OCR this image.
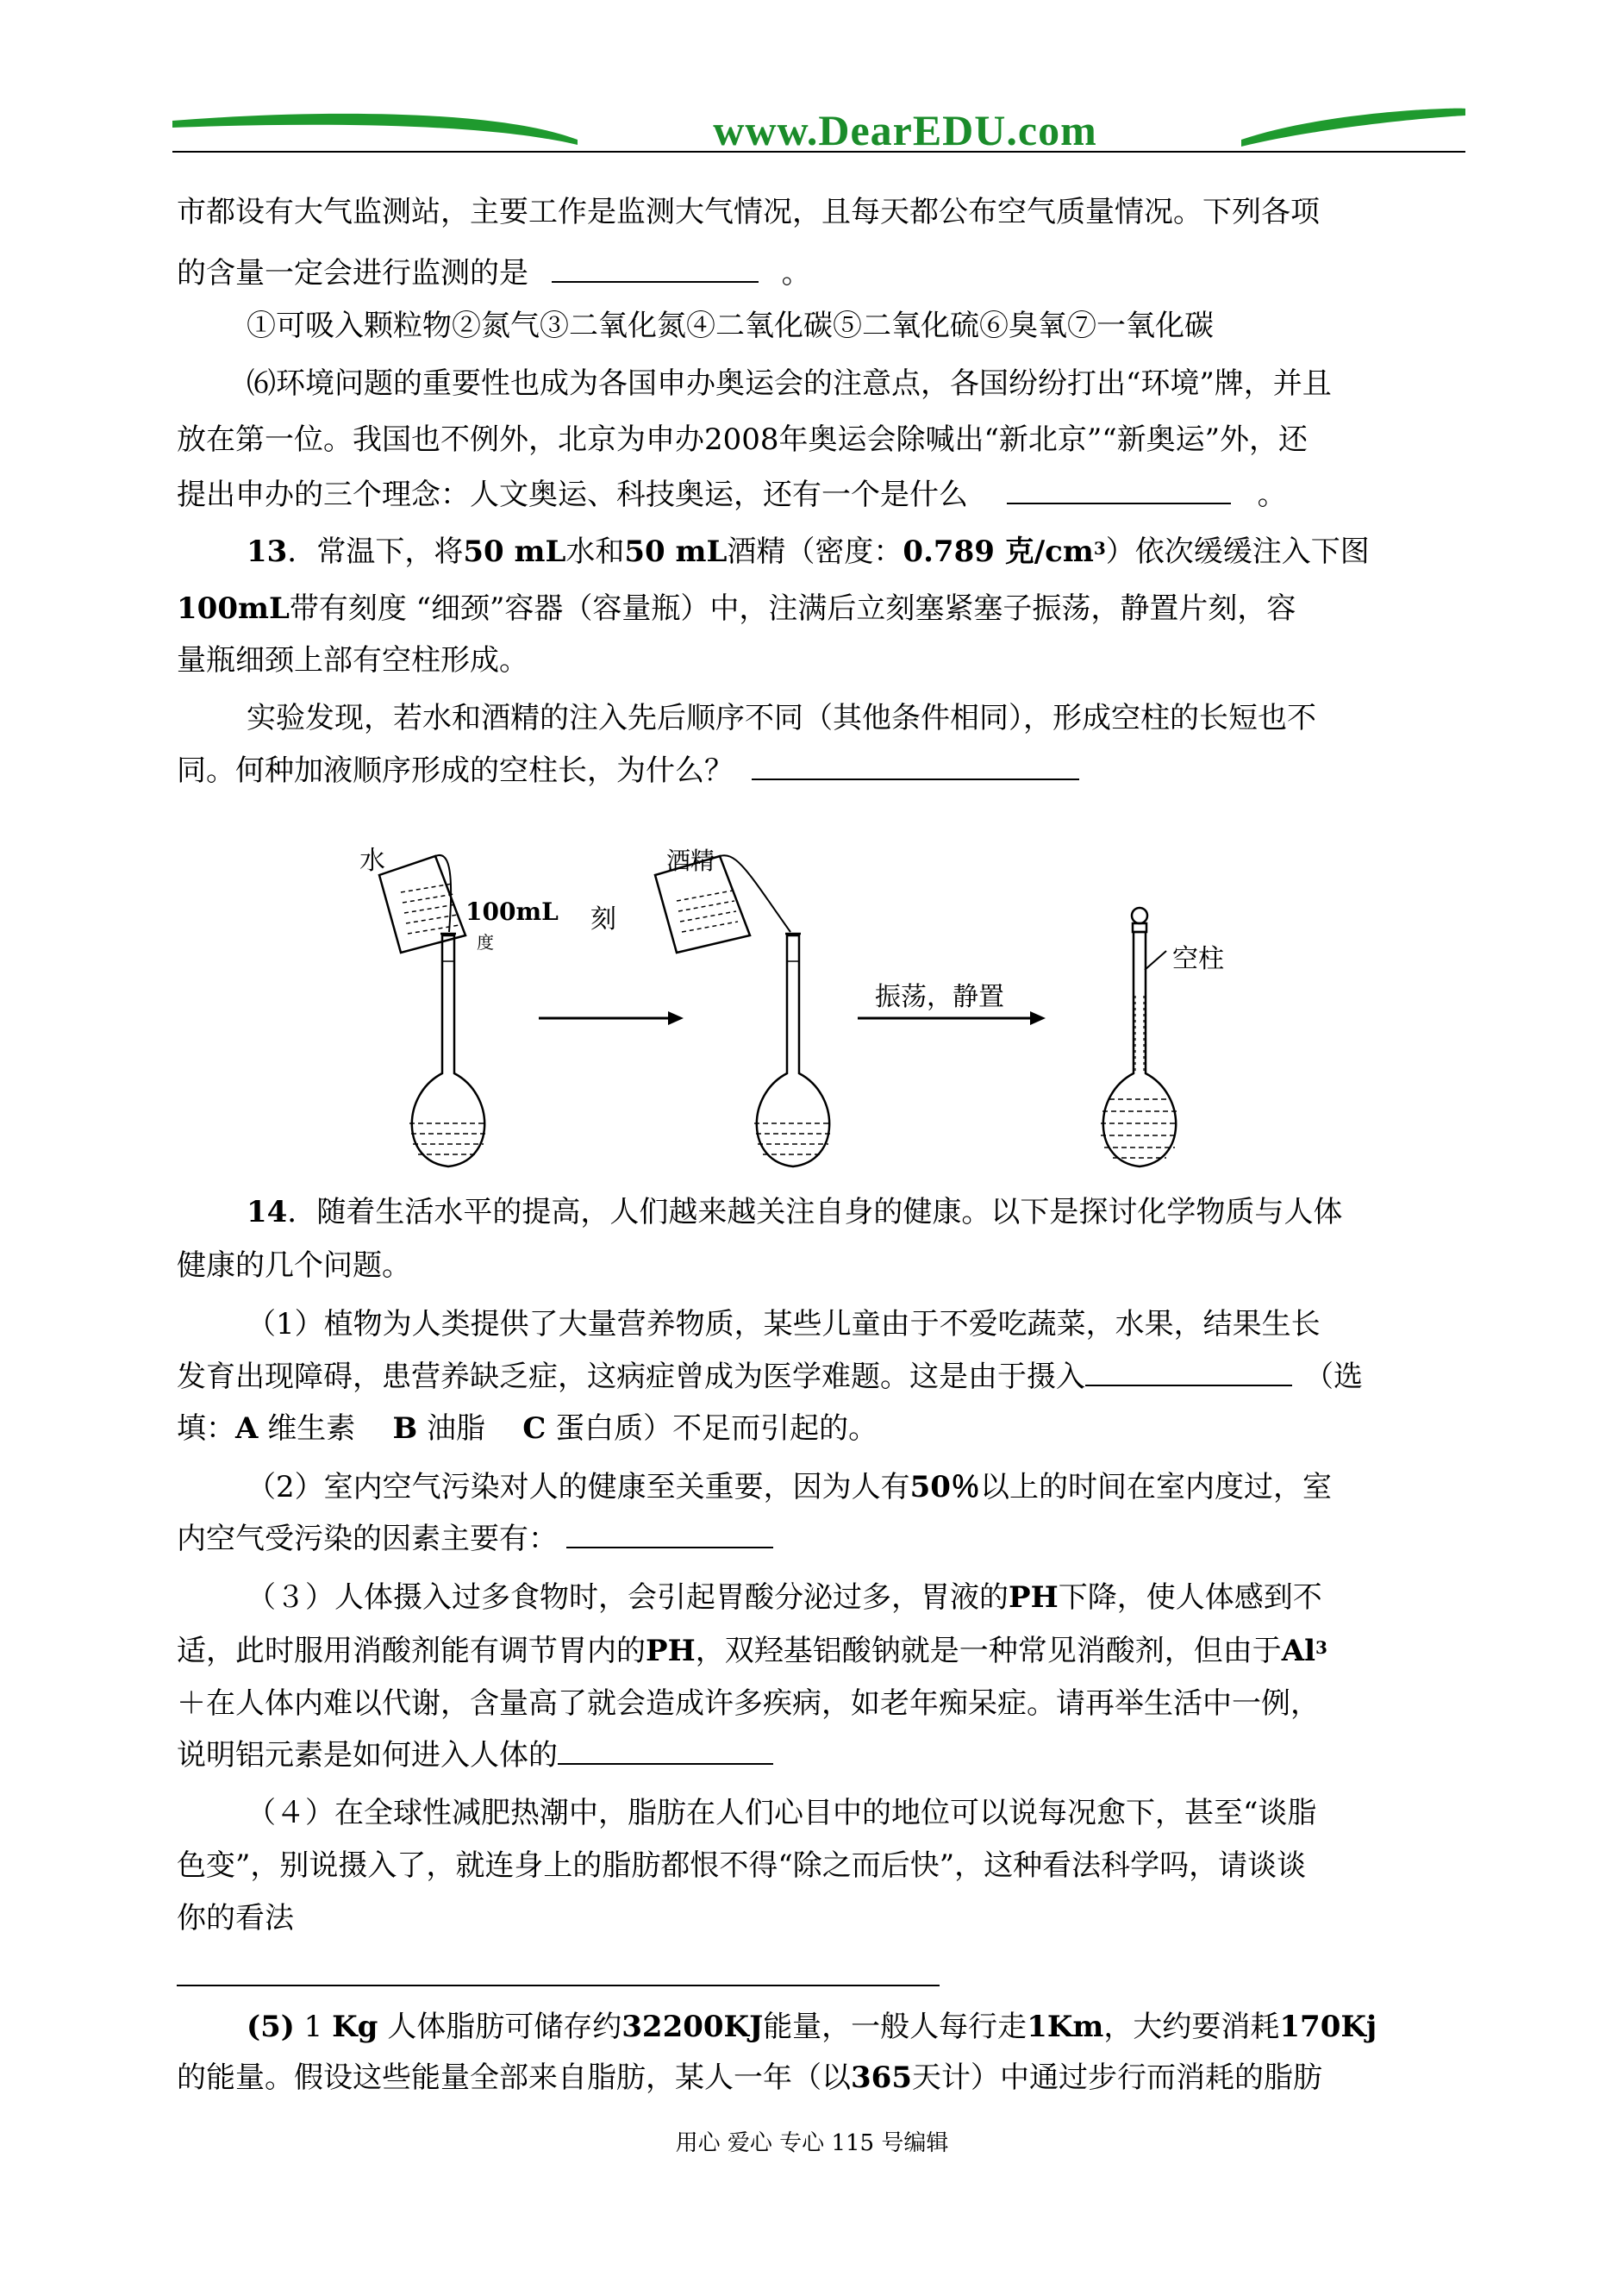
www.DearEDU.com
市都设有大气监测站，主要工作是监测大气情况，且每天都公布空气质量情况。下列各项
的含量一定会进行监测的是	。
①可吸入颗粒物②氮气③二氧化氮④二氧化碳⑤二氧化硫⑥臭氧⑦一氧化碳
⑹环境问题的重要性也成为各国申办奥运会的注意点，各国纷纷打出“环境”牌，并且
放在第一位。我国也不例外，北京为申办2008年奥运会除喊出“新北京”“新奥运”外，还
提出申办的三个理念：人文奥运、科技奥运，还有一个是什么	。
13．常温下，将50 mL水和50 mL酒精（密度：0.789 克$/cm^3$）依次缓缓注入下图
100mL带有刻度 “细颈”容器（容量瓶）中，注满后立刻塞紧塞子振荡，静置片刻，容
量瓶细颈上部有空柱形成。
实验发现，若水和酒精的注入先后顺序不同（其他条件相同），形成空柱的长短也不
同。何种加液顺序形成的空柱长，为什么？
水	酒精
100mL 刻
度
振荡，静置
空柱
14．随着生活水平的提高，人们越来越关注自身的健康。以下是探讨化学物质与人体
健康的几个问题。
（1）植物为人类提供了大量营养物质，某些儿童由于不爱吃蔬菜，水果，结果生长
发育出现障碍，患营养缺乏症，这病症曾成为医学难题。这是由于摄入	（选
填：A 维生素 B 油脂 C 蛋白质）不足而引起的。
（2）室内空气污染对人的健康至关重要，因为人有50％以上的时间在室内度过，室
内空气受污染的因素主要有：
（３）人体摄入过多食物时，会引起胃酸分泌过多，胃液的PH下降，使人体感到不
适，此时服用消酸剂能有调节胃内的PH，双羟基铝酸钠就是一种常见消酸剂，但由于$Al^3$
＋在人体内难以代谢，含量高了就会造成许多疾病，如老年痴呆症。请再举生活中一例，
说明铝元素是如何进入人体的
（４）在全球性减肥热潮中，脂肪在人们心目中的地位可以说每况愈下，甚至“谈脂
色变”，别说摄入了，就连身上的脂肪都恨不得“除之而后快”，这种看法科学吗，请谈谈
你的看法
(5) 1 Kg 人体脂肪可储存约32200KJ能量，一般人每行走1Km，大约要消耗170Kj
的能量。假设这些能量全部来自脂肪，某人一年（以365天计）中通过步行而消耗的脂肪
用心 爱心 专心 115 号编辑
